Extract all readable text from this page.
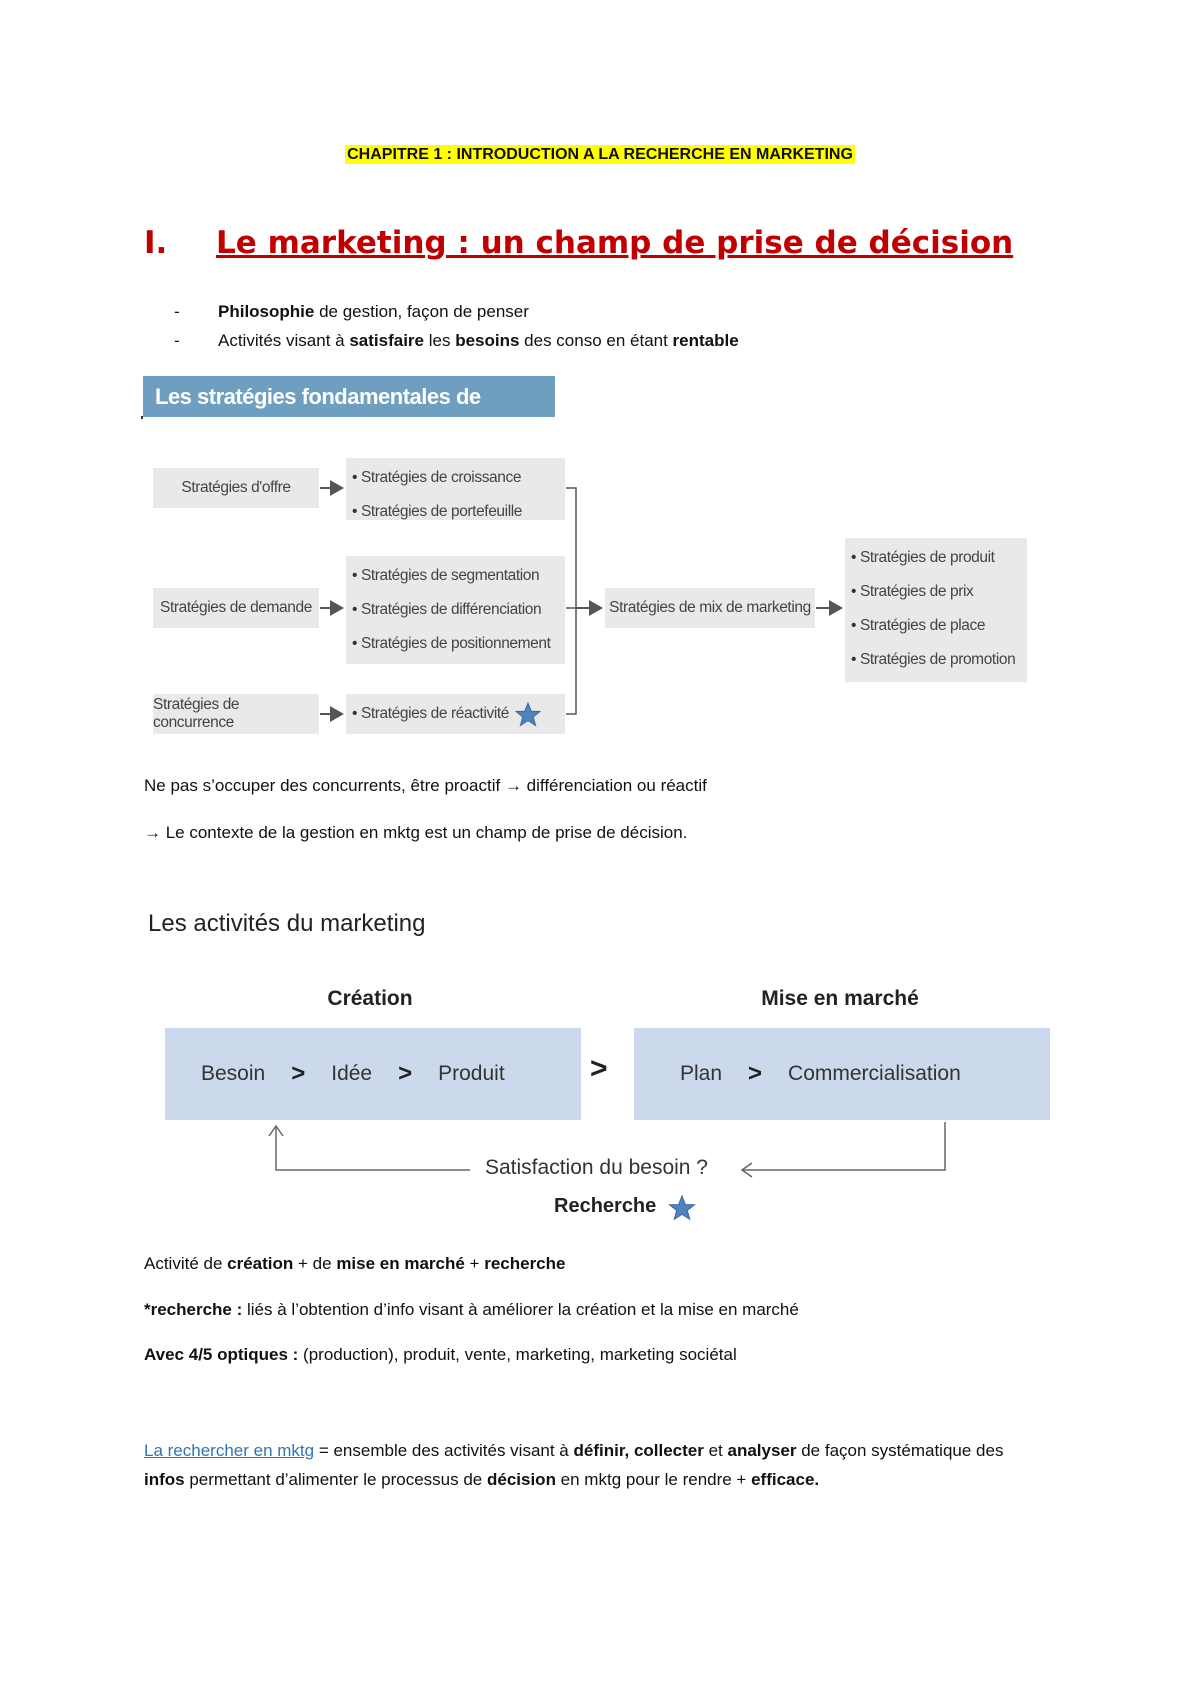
CHAPITRE 1 : INTRODUCTION A LA RECHERCHE EN MARKETING
I. Le marketing : un champ de prise de décision
-	Philosophie de gestion, façon de penser
-	Activités visant à satisfaire les besoins des conso en étant rentable
Les stratégies fondamentales de marketing
Stratégies d'offre
Stratégies de demande
Stratégies de concurrence
• Stratégies de croissance
• Stratégies de portefeuille
• Stratégies de segmentation
• Stratégies de différenciation
• Stratégies de positionnement
• Stratégies de réactivité
Stratégies de mix de marketing
• Stratégies de produit
• Stratégies de prix
• Stratégies de place
• Stratégies de promotion
Ne pas s’occuper des concurrents, être proactif → différenciation ou réactif
→ Le contexte de la gestion en mktg est un champ de prise de décision.
Les activités du marketing
Création	Mise en marché
Besoin > Idée > Produit	>	Plan > Commercialisation
Satisfaction du besoin ?
Recherche
Activité de création + de mise en marché + recherche
*recherche : liés à l’obtention d’info visant à améliorer la création et la mise en marché
Avec 4/5 optiques : (production), produit, vente, marketing, marketing sociétal
La rechercher en mktg = ensemble des activités visant à définir, collecter et analyser de façon systématique des infos permettant d’alimenter le processus de décision en mktg pour le rendre + efficace.
